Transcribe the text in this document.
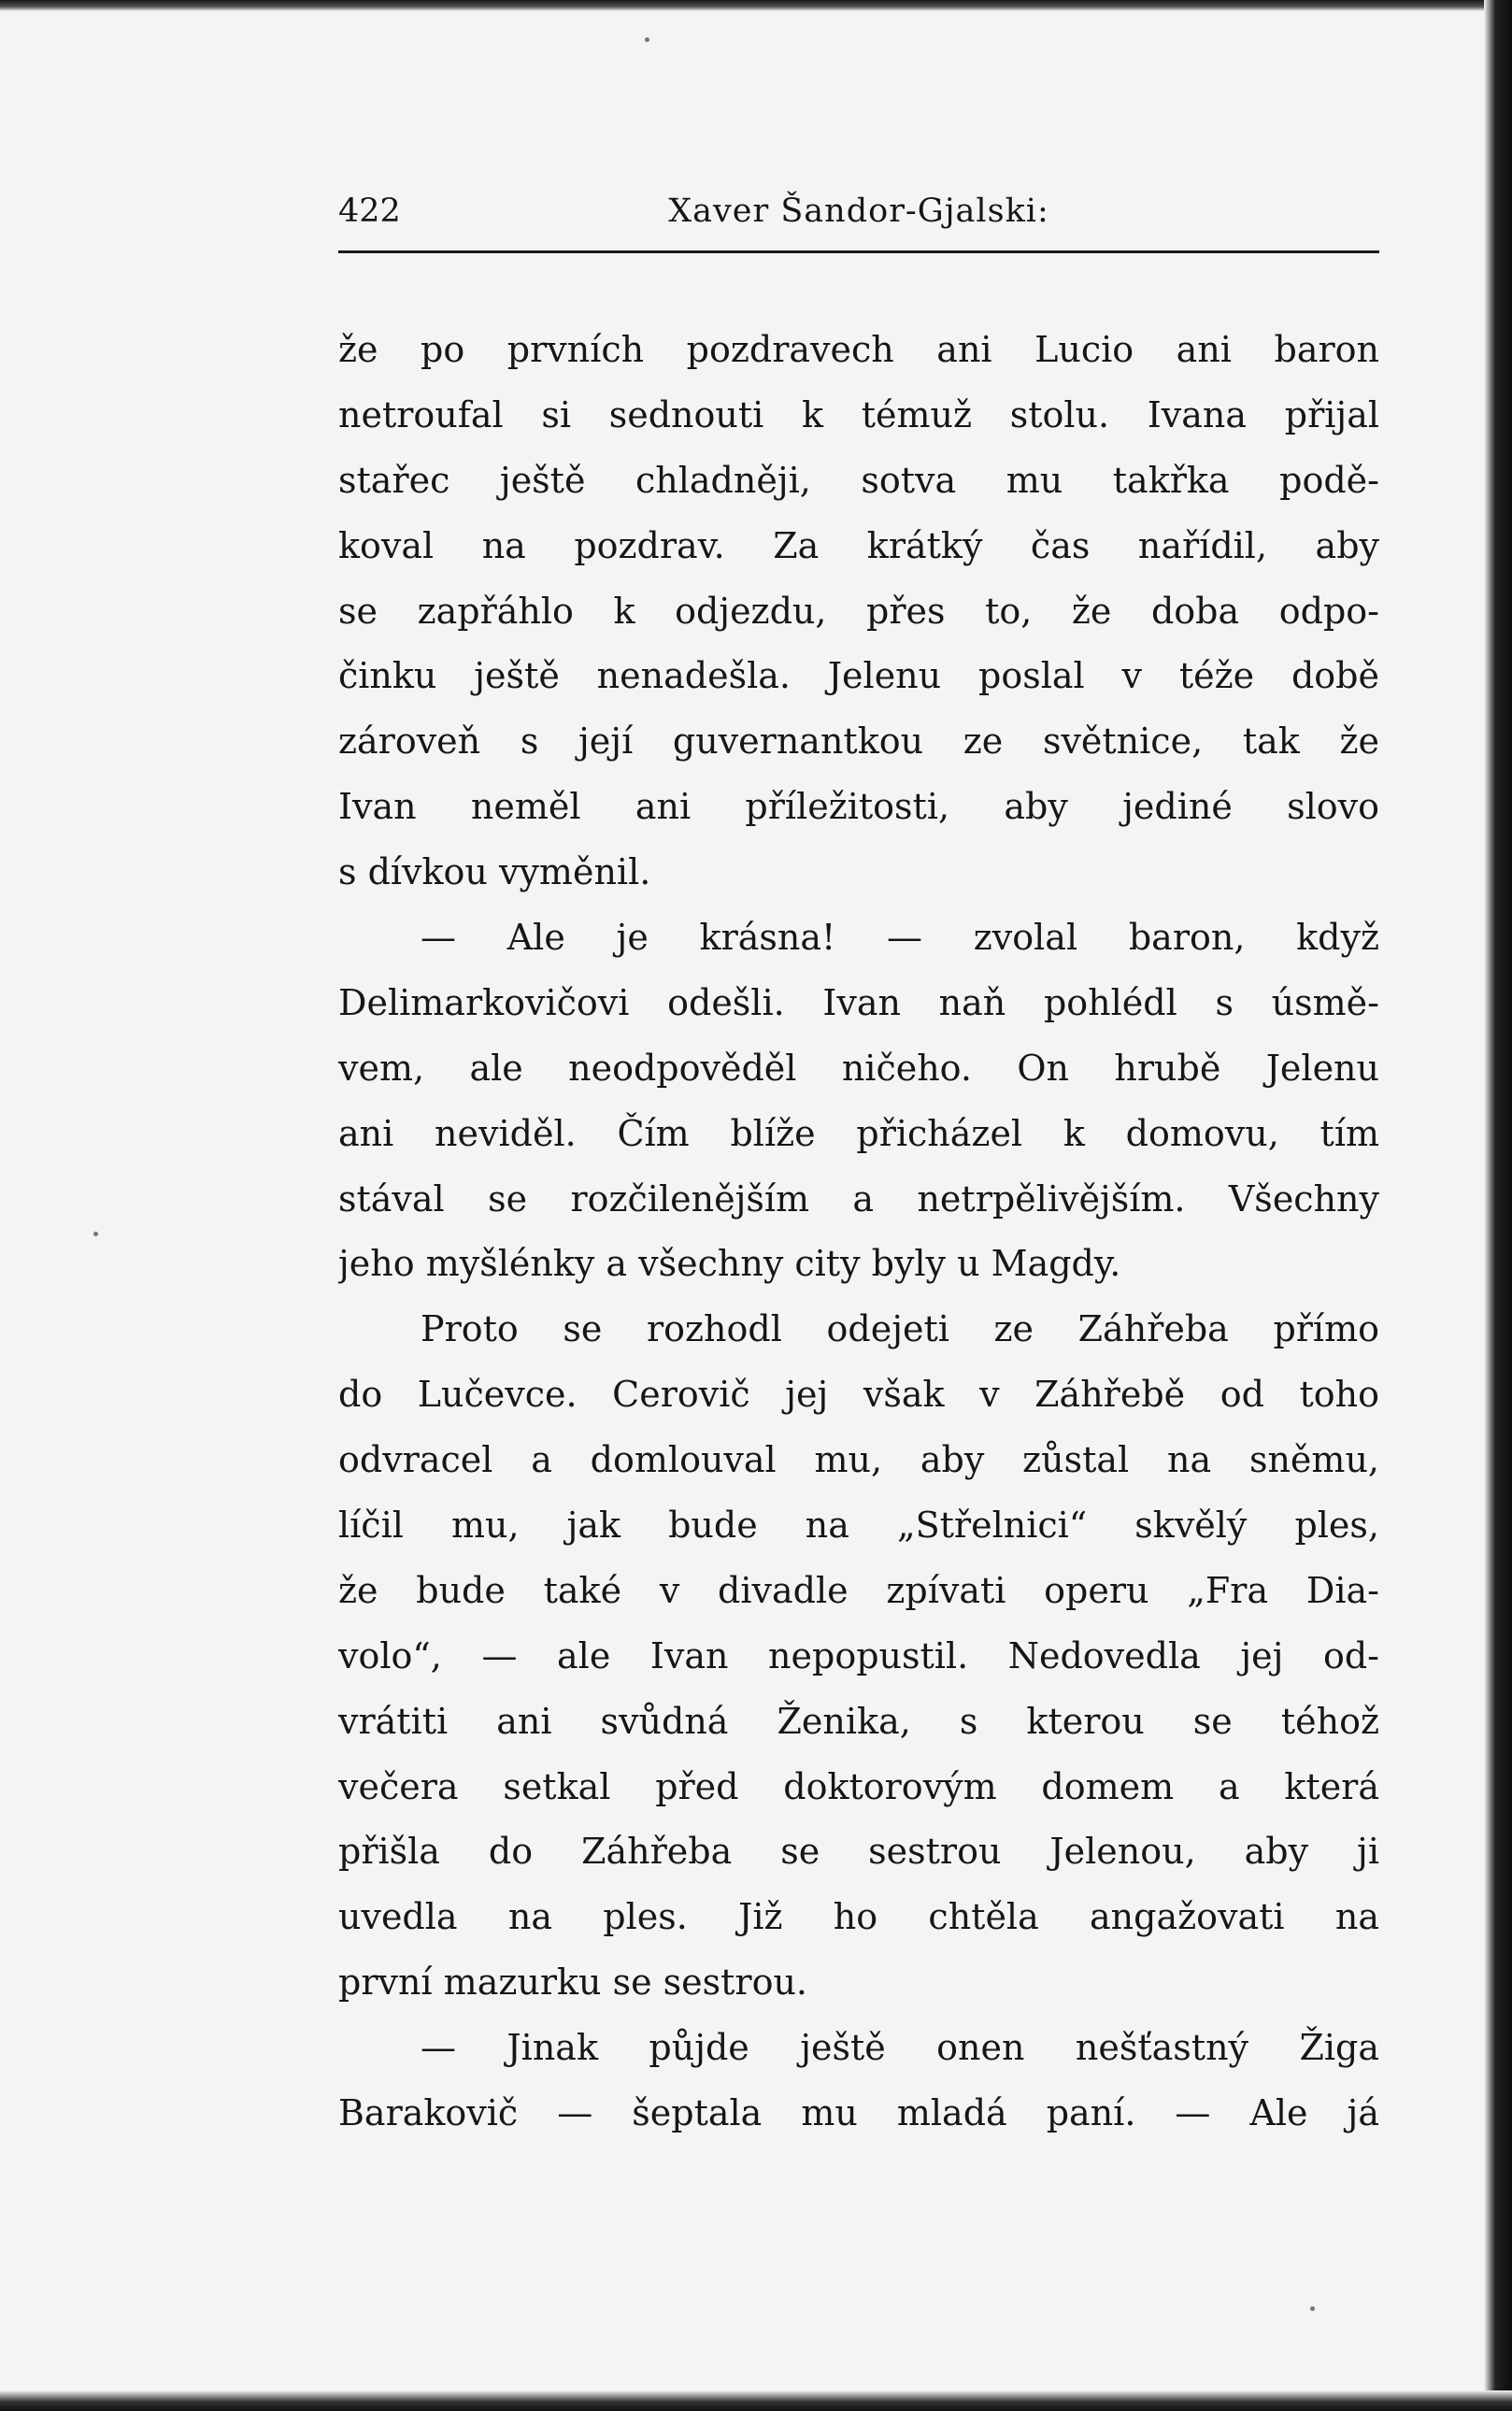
422	Xaver Šandor-Gjalski:
že po prvních pozdravech ani Lucio ani baron
netroufal si sednouti k témuž stolu. Ivana přijal
stařec ještě chladněji, sotva mu takřka podě-
koval na pozdrav. Za krátký čas nařídil, aby
se zapřáhlo k odjezdu, přes to, že doba odpo-
činku ještě nenadešla. Jelenu poslal v téže době
zároveň s její guvernantkou ze světnice, tak že
Ivan neměl ani příležitosti, aby jediné slovo
s dívkou vyměnil.
— Ale je krásna! — zvolal baron, když
Delimarkovičovi odešli. Ivan naň pohlédl s úsmě-
vem, ale neodpověděl ničeho. On hrubě Jelenu
ani neviděl. Čím blíže přicházel k domovu, tím
stával se rozčilenějším a netrpělivějším. Všechny
jeho myšlénky a všechny city byly u Magdy.
Proto se rozhodl odejeti ze Záhřeba přímo
do Lučevce. Cerovič jej však v Záhřebě od toho
odvracel a domlouval mu, aby zůstal na sněmu,
líčil mu, jak bude na „Střelnici“ skvělý ples,
že bude také v divadle zpívati operu „Fra Dia-
volo“, — ale Ivan nepopustil. Nedovedla jej od-
vrátiti ani svůdná Ženika, s kterou se téhož
večera setkal před doktorovým domem a která
přišla do Záhřeba se sestrou Jelenou, aby ji
uvedla na ples. Již ho chtěla angažovati na
první mazurku se sestrou.
— Jinak půjde ještě onen nešťastný Žiga
Barakovič — šeptala mu mladá paní. — Ale já
